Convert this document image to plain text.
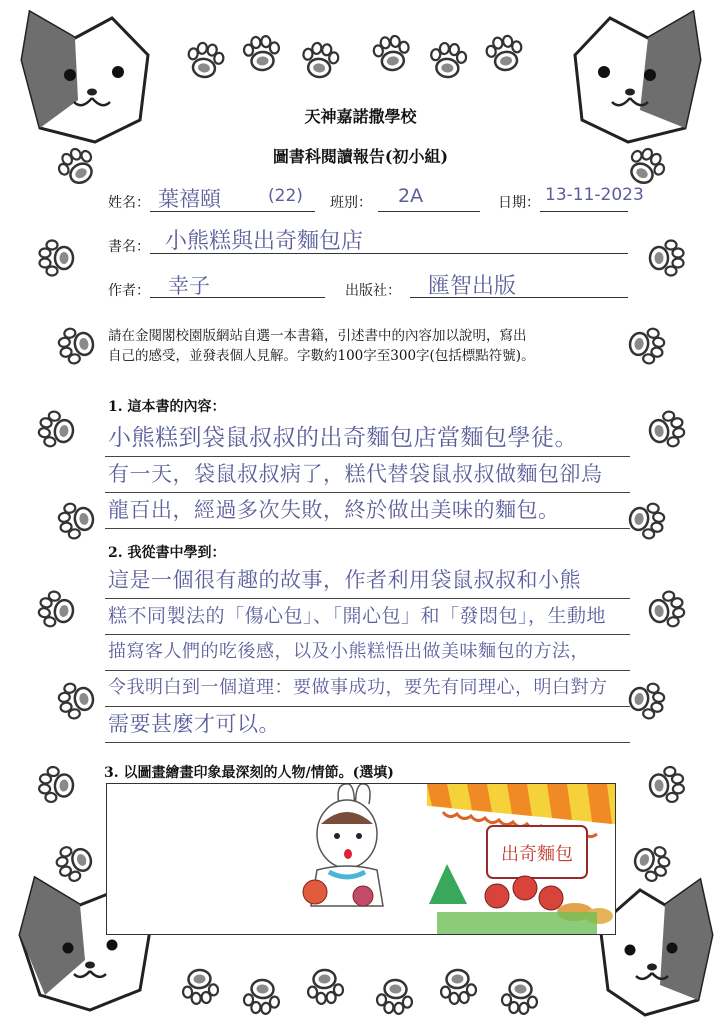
天神嘉諾撒學校
圖書科閱讀報告(初小組)
姓名： 葉禧頤	(22) 班別： 2A	日期： 13-11-2023
書名： 小熊糕與出奇麵包店
作者： 幸子	出版社： 匯智出版
請在金閱閣校園版網站自選一本書籍，引述書中的內容加以說明，寫出
自己的感受，並發表個人見解。字數約100字至300字(包括標點符號)。
1. 這本書的內容：
小熊糕到袋鼠叔叔的出奇麵包店當麵包學徒。
有一天，袋鼠叔叔病了，糕代替袋鼠叔叔做麵包卻烏
龍百出，經過多次失敗，終於做出美味的麵包。
2. 我從書中學到：
這是一個很有趣的故事，作者利用袋鼠叔叔和小熊
糕不同製法的「傷心包」、「開心包」和「發悶包」，生動地
描寫客人們的吃後感，以及小熊糕悟出做美味麵包的方法，
令我明白到一個道理：要做事成功，要先有同理心，明白對方
需要甚麼才可以。
3. 以圖畫繪畫印象最深刻的人物/情節。(選填)
出奇麵包
